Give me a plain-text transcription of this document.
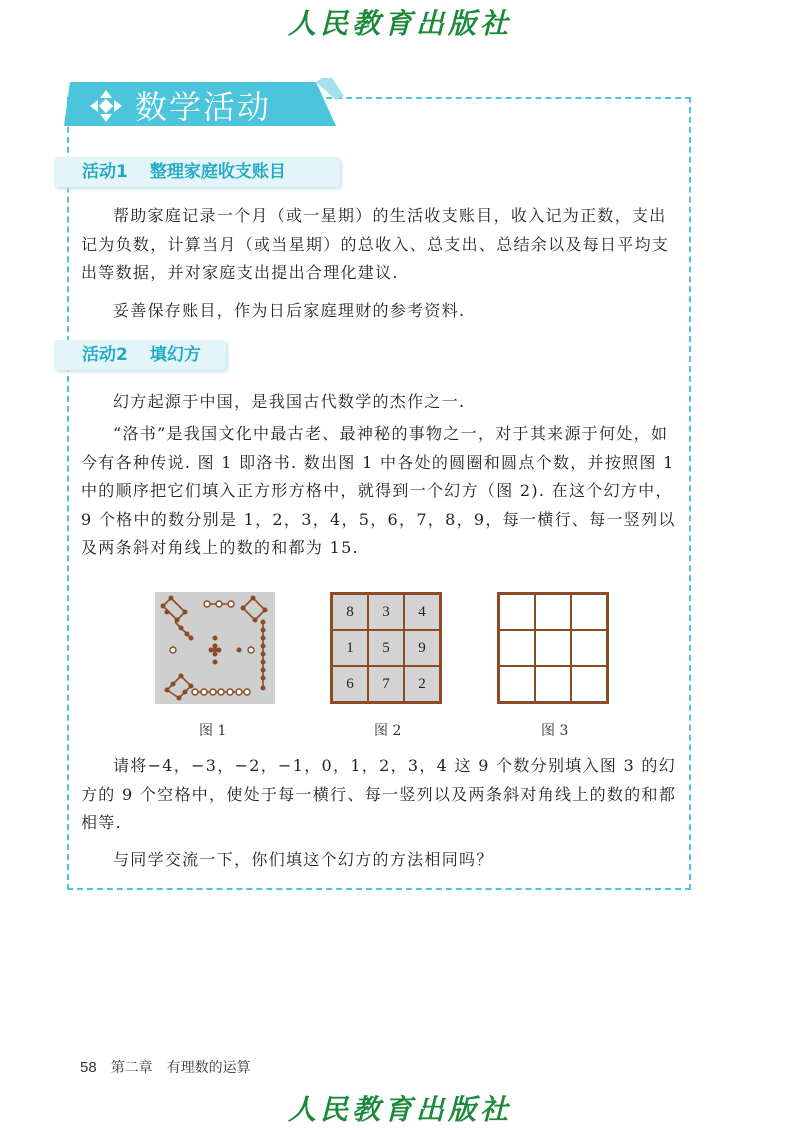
人民教育出版社
数学活动
活动1 整理家庭收支账目

帮助家庭记录一个月（或一星期）的生活收支账目，收入记为正数，支出记为负数，计算当月（或当星期）的总收入、总支出、总结余以及每日平均支出等数据，并对家庭支出提出合理化建议.

妥善保存账目，作为日后家庭理财的参考资料.

活动2 填幻方

幻方起源于中国，是我国古代数学的杰作之一.

“洛书”是我国文化中最古老、最神秘的事物之一，对于其来源于何处，如今有各种传说. 图 1 即洛书. 数出图 1 中各处的圆圈和圆点个数，并按照图 1 中的顺序把它们填入正方形方格中，就得到一个幻方（图 2). 在这个幻方中，9 个格中的数分别是 1，2，3，4，5，6，7，8，9，每一横行、每一竖列以及两条斜对角线上的数的和都为 15.

图 1
8	3	4
1	5	9
6	7	2
图 2	图 3

请将−4，−3，−2，−1，0，1，2，3，4 这 9 个数分别填入图 3 的幻方的 9 个空格中，使处于每一横行、每一竖列以及两条斜对角线上的数的和都相等.

与同学交流一下，你们填这个幻方的方法相同吗？

58 第二章 有理数的运算
人民教育出版社
